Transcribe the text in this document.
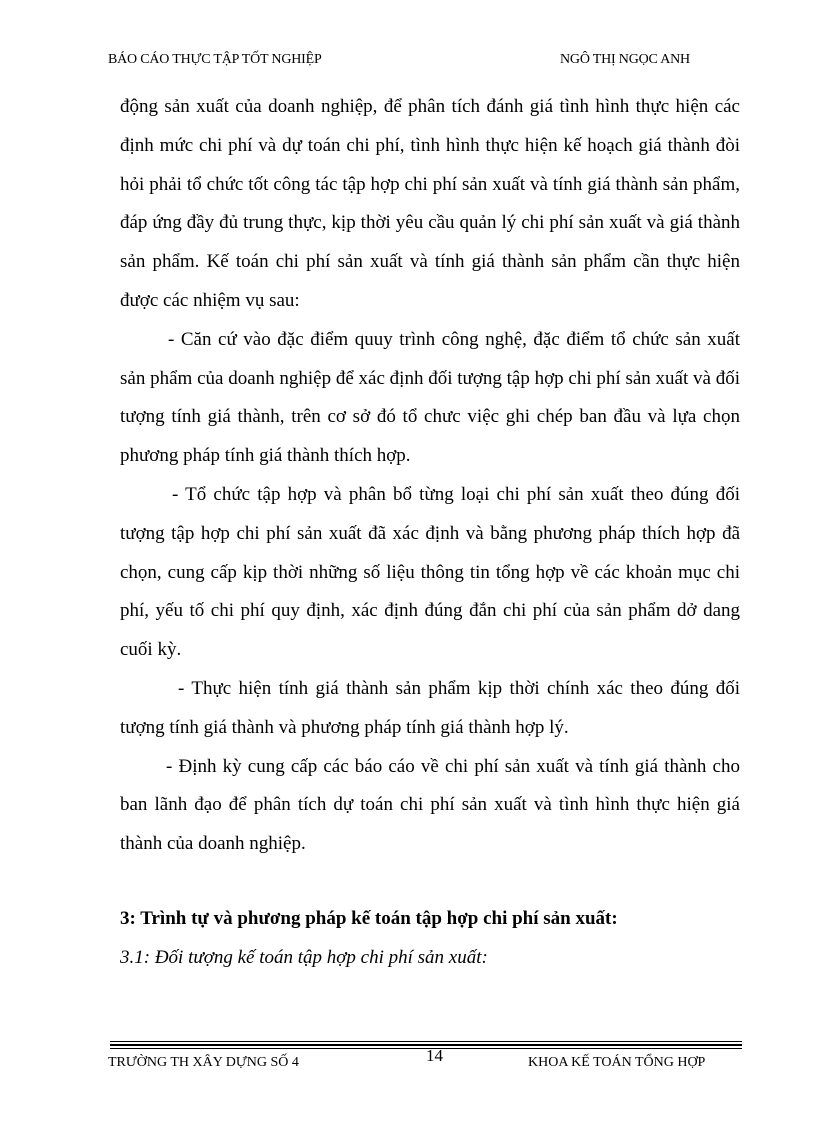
BÁO CÁO THỰC TẬP TỐT NGHIỆP	NGÔ THỊ NGỌC ANH

động sản xuất của doanh nghiệp, để phân tích đánh giá tình hình thực hiện các định mức chi phí và dự toán chi phí, tình hình thực hiện kế hoạch giá thành đòi hỏi phải tổ chức tốt công tác tập hợp chi phí sản xuất và tính giá thành sản phẩm, đáp ứng đầy đủ trung thực, kịp thời yêu cầu quản lý chi phí sản xuất và giá thành sản phẩm. Kế toán chi phí sản xuất và tính giá thành sản phẩm cần thực hiện được các nhiệm vụ sau:

- Căn cứ vào đặc điểm quuy trình công nghệ, đặc điểm tổ chức sản xuất sản phẩm của doanh nghiệp để xác định đối tượng tập hợp chi phí sản xuất và đối tượng tính giá thành, trên cơ sở đó tổ chưc việc ghi chép ban đầu và lựa chọn phương pháp tính giá thành thích hợp.

- Tổ chức tập hợp và phân bổ từng loại chi phí sản xuất theo đúng đối tượng tập hợp chi phí sản xuất đã xác định và bằng phương pháp thích hợp đã chọn, cung cấp kịp thời những số liệu thông tin tổng hợp về các khoản mục chi phí, yếu tố chi phí quy định, xác định đúng đắn chi phí của sản phẩm dở dang cuối kỳ.

- Thực hiện tính giá thành sản phẩm kịp thời chính xác theo đúng đối tượng tính giá thành và phương pháp tính giá thành hợp lý.

- Định kỳ cung cấp các báo cáo về chi phí sản xuất và tính giá thành cho ban lãnh đạo để phân tích dự toán chi phí sản xuất và tình hình thực hiện giá thành của doanh nghiệp.

3: Trình tự và phương pháp kế toán tập hợp chi phí sản xuất:
3.1: Đối tượng kế toán tập hợp chi phí sản xuất:
TRƯỜNG TH XÂY DỰNG SỐ 4	14	KHOA KẾ TOÁN TỔNG HỢP
